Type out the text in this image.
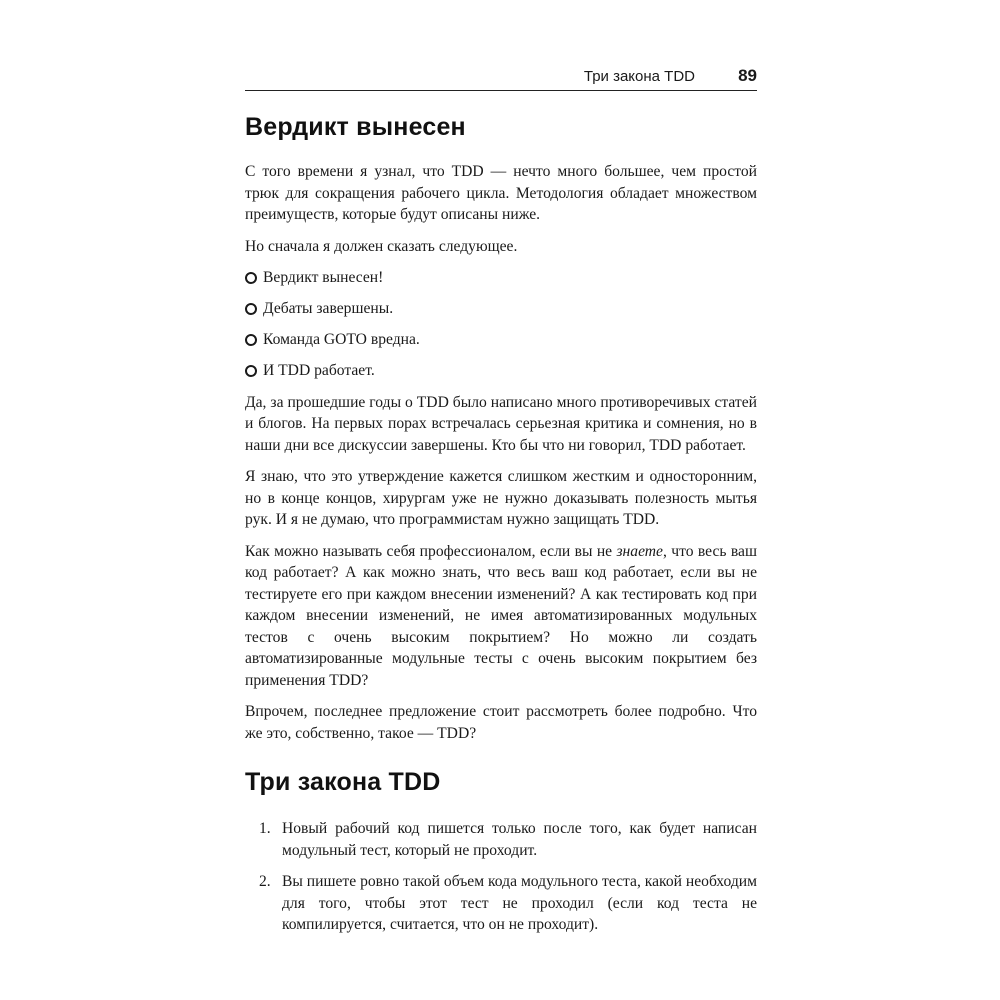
Три закона TDD	89
Вердикт вынесен

С того времени я узнал, что TDD — нечто много большее, чем простой трюк для сокращения рабочего цикла. Методология обладает множеством преимуществ, которые будут описаны ниже.

Но сначала я должен сказать следующее.

Вердикт вынесен!
Дебаты завершены.
Команда GOTO вредна.
И TDD работает.

Да, за прошедшие годы о TDD было написано много противоречивых статей и блогов. На первых порах встречалась серьезная критика и сомнения, но в наши дни все дискуссии завершены. Кто бы что ни говорил, TDD работает.

Я знаю, что это утверждение кажется слишком жестким и односторонним, но в конце концов, хирургам уже не нужно доказывать полезность мытья рук. И я не думаю, что программистам нужно защищать TDD.

Как можно называть себя профессионалом, если вы не знаете, что весь ваш код работает? А как можно знать, что весь ваш код работает, если вы не тестируете его при каждом внесении изменений? А как тестировать код при каждом внесении изменений, не имея автоматизированных модульных тестов с очень высоким покрытием? Но можно ли создать автоматизированные модульные тесты с очень высоким покрытием без применения TDD?

Впрочем, последнее предложение стоит рассмотреть более подробно. Что же это, собственно, такое — TDD?

Три закона TDD
1. Новый рабочий код пишется только после того, как будет написан модульный тест, который не проходит.
2. Вы пишете ровно такой объем кода модульного теста, какой необходим для того, чтобы этот тест не проходил (если код теста не компилируется, считается, что он не проходит).
